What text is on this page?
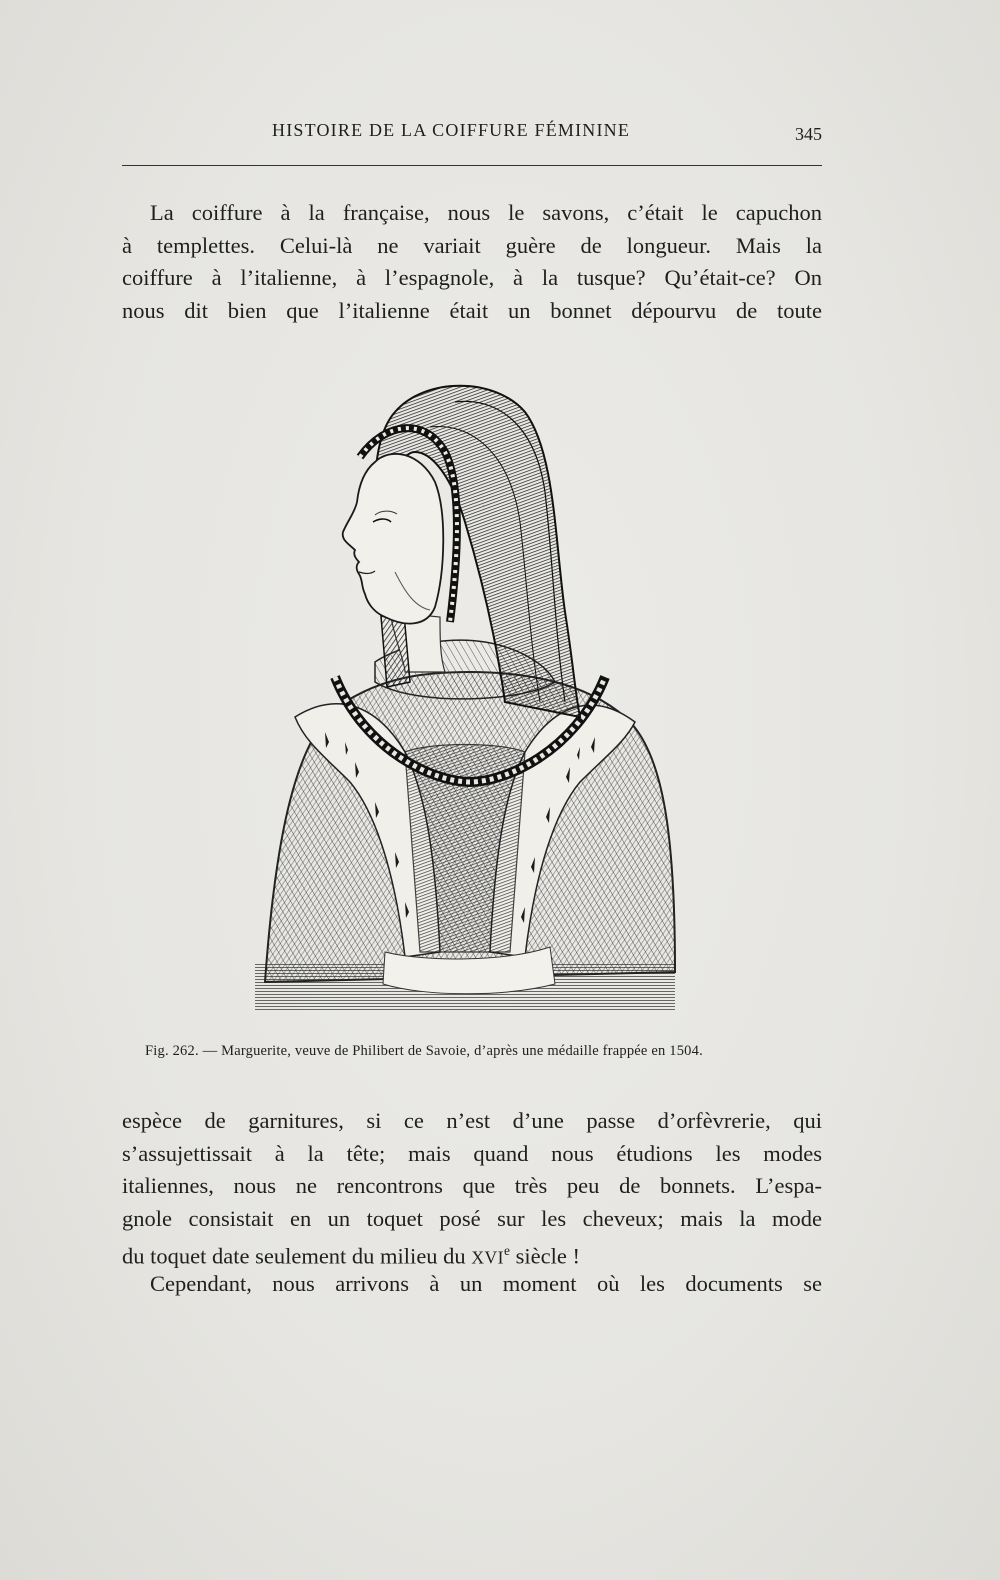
HISTOIRE DE LA COIFFURE FÉMININE	345
La coiffure à la française, nous le savons, c’était le capuchon
à templettes. Celui-là ne variait guère de longueur. Mais la
coiffure à l’italienne, à l’espagnole, à la tusque? Qu’était-ce? On
nous dit bien que l’italienne était un bonnet dépourvu de toute
Fig. 262. — Marguerite, veuve de Philibert de Savoie, d’après une médaille frappée en 1504.
espèce de garnitures, si ce n’est d’une passe d’orfèvrerie, qui
s’assujettissait à la tête; mais quand nous étudions les modes
italiennes, nous ne rencontrons que très peu de bonnets. L’espa-
gnole consistait en un toquet posé sur les cheveux; mais la mode
du toquet date seulement du milieu du XVIe siècle !
Cependant, nous arrivons à un moment où les documents se
